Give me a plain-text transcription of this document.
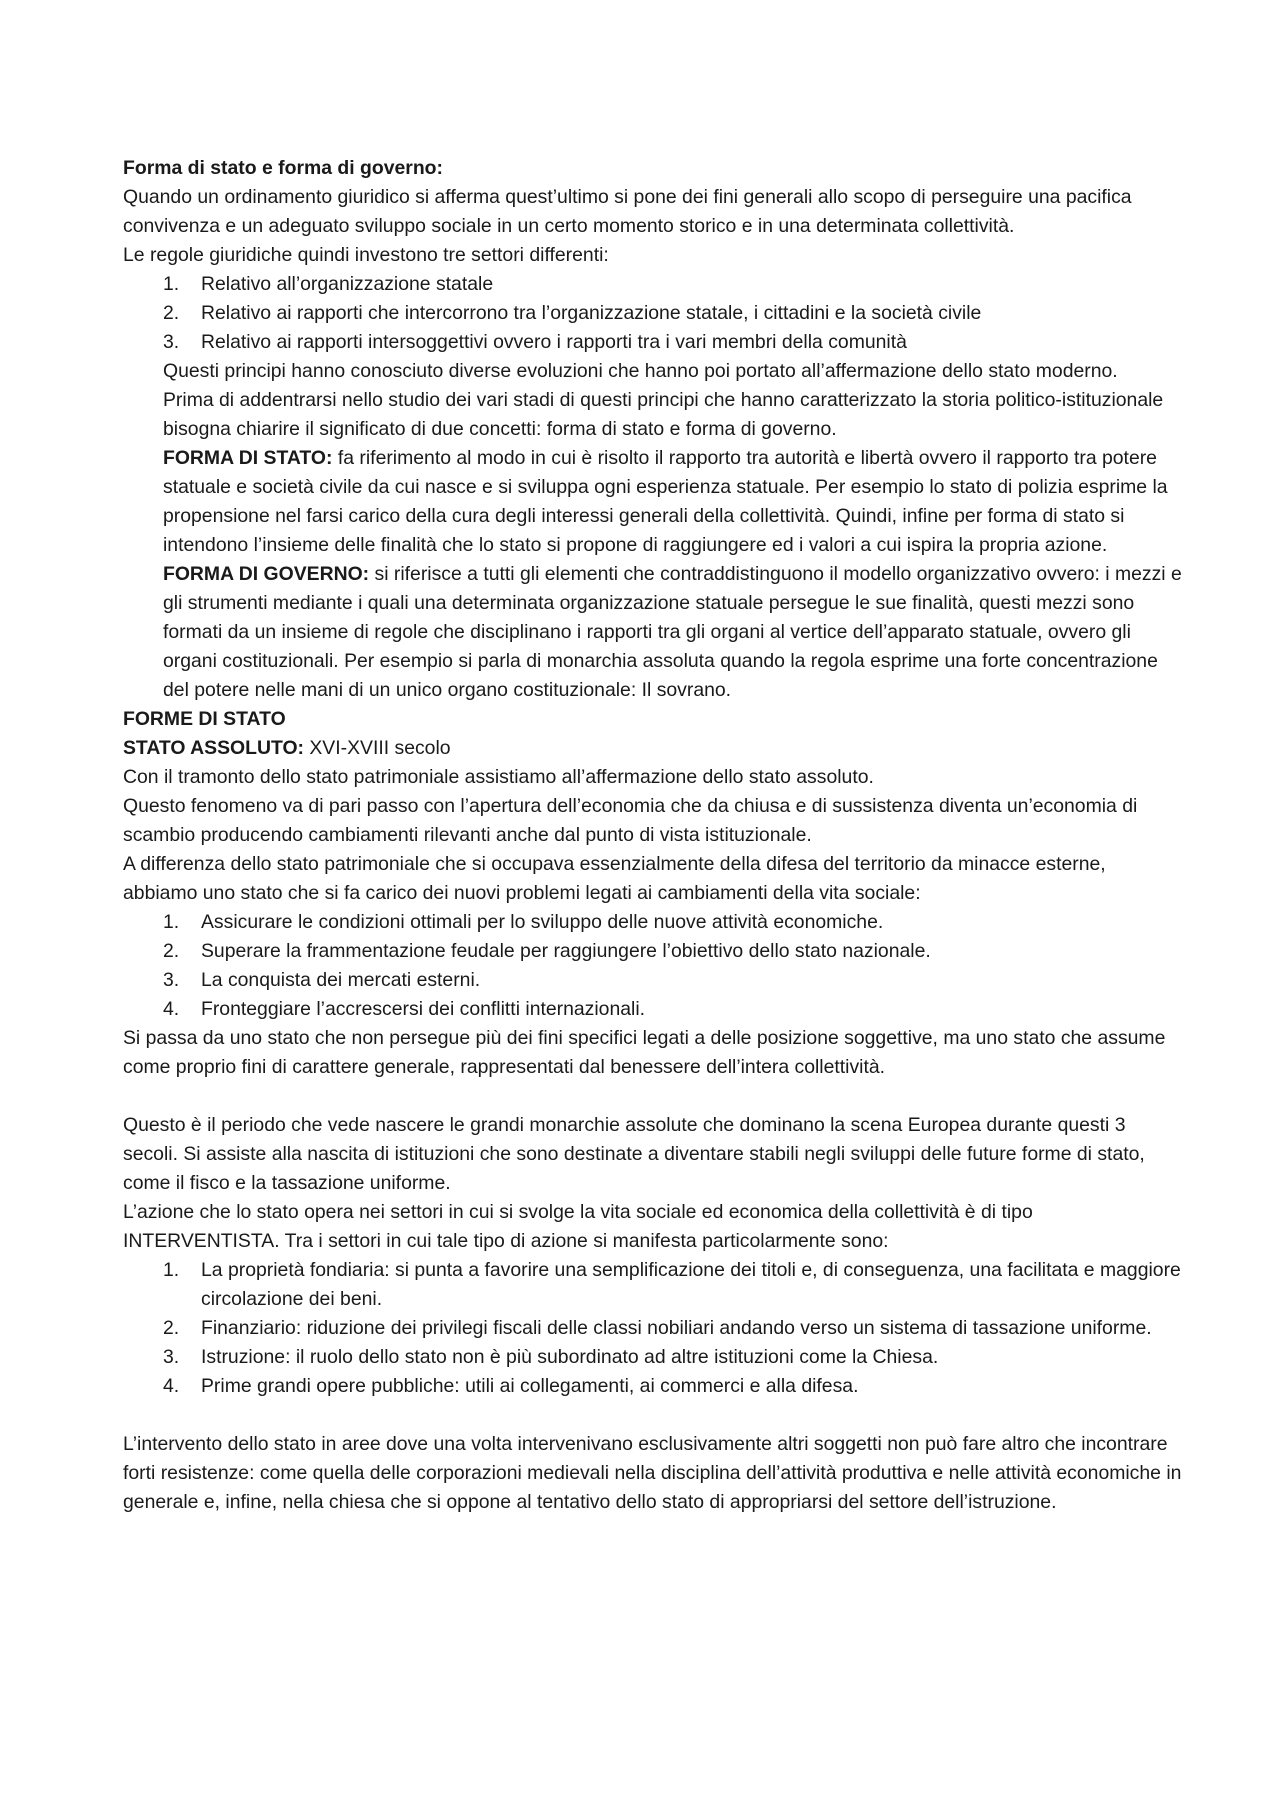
Forma di stato e forma di governo:

Quando un ordinamento giuridico si afferma quest’ultimo si pone dei fini generali allo scopo di perseguire una pacifica convivenza e un adeguato sviluppo sociale in un certo momento storico e in una determinata collettività.

Le regole giuridiche quindi investono tre settori differenti:

1. Relativo all’organizzazione statale
2. Relativo ai rapporti che intercorrono tra l’organizzazione statale, i cittadini e la società civile
3. Relativo ai rapporti intersoggettivi ovvero i rapporti tra i vari membri della comunità

Questi principi hanno conosciuto diverse evoluzioni che hanno poi portato all’affermazione dello stato moderno.

Prima di addentrarsi nello studio dei vari stadi di questi principi che hanno caratterizzato la storia politico-istituzionale bisogna chiarire il significato di due concetti: forma di stato e forma di governo.

FORMA DI STATO: fa riferimento al modo in cui è risolto il rapporto tra autorità e libertà ovvero il rapporto tra potere statuale e società civile da cui nasce e si sviluppa ogni esperienza statuale. Per esempio lo stato di polizia esprime la propensione nel farsi carico della cura degli interessi generali della collettività. Quindi, infine per forma di stato si intendono l’insieme delle finalità che lo stato si propone di raggiungere ed i valori a cui ispira la propria azione.

FORMA DI GOVERNO: si riferisce a tutti gli elementi che contraddistinguono il modello organizzativo ovvero: i mezzi e gli strumenti mediante i quali una determinata organizzazione statuale persegue le sue finalità, questi mezzi sono formati da un insieme di regole che disciplinano i rapporti tra gli organi al vertice dell’apparato statuale, ovvero gli organi costituzionali. Per esempio si parla di monarchia assoluta quando la regola esprime una forte concentrazione del potere nelle mani di un unico organo costituzionale: Il sovrano.

FORME DI STATO

STATO ASSOLUTO: XVI-XVIII secolo

Con il tramonto dello stato patrimoniale assistiamo all’affermazione dello stato assoluto.

Questo fenomeno va di pari passo con l’apertura dell’economia che da chiusa e di sussistenza diventa un’economia di scambio producendo cambiamenti rilevanti anche dal punto di vista istituzionale.

A differenza dello stato patrimoniale che si occupava essenzialmente della difesa del territorio da minacce esterne, abbiamo uno stato che si fa carico dei nuovi problemi legati ai cambiamenti della vita sociale:

1. Assicurare le condizioni ottimali per lo sviluppo delle nuove attività economiche.
2. Superare la frammentazione feudale per raggiungere l’obiettivo dello stato nazionale.
3. La conquista dei mercati esterni.
4. Fronteggiare l’accrescersi dei conflitti internazionali.

Si passa da uno stato che non persegue più dei fini specifici legati a delle posizione soggettive, ma uno stato che assume come proprio fini di carattere generale, rappresentati dal benessere dell’intera collettività.

Questo è il periodo che vede nascere le grandi monarchie assolute che dominano la scena Europea durante questi 3 secoli. Si assiste alla nascita di istituzioni che sono destinate a diventare stabili negli sviluppi delle future forme di stato, come il fisco e la tassazione uniforme.

L’azione che lo stato opera nei settori in cui si svolge la vita sociale ed economica della collettività è di tipo INTERVENTISTA. Tra i settori in cui tale tipo di azione si manifesta particolarmente sono:

1. La proprietà fondiaria: si punta a favorire una semplificazione dei titoli e, di conseguenza, una facilitata e maggiore circolazione dei beni.
2. Finanziario: riduzione dei privilegi fiscali delle classi nobiliari andando verso un sistema di tassazione uniforme.
3. Istruzione: il ruolo dello stato non è più subordinato ad altre istituzioni come la Chiesa.
4. Prime grandi opere pubbliche: utili ai collegamenti, ai commerci e alla difesa.

L’intervento dello stato in aree dove una volta intervenivano esclusivamente altri soggetti non può fare altro che incontrare forti resistenze: come quella delle corporazioni medievali nella disciplina dell’attività produttiva e nelle attività economiche in generale e, infine, nella chiesa che si oppone al tentativo dello stato di appropriarsi del settore dell’istruzione.
